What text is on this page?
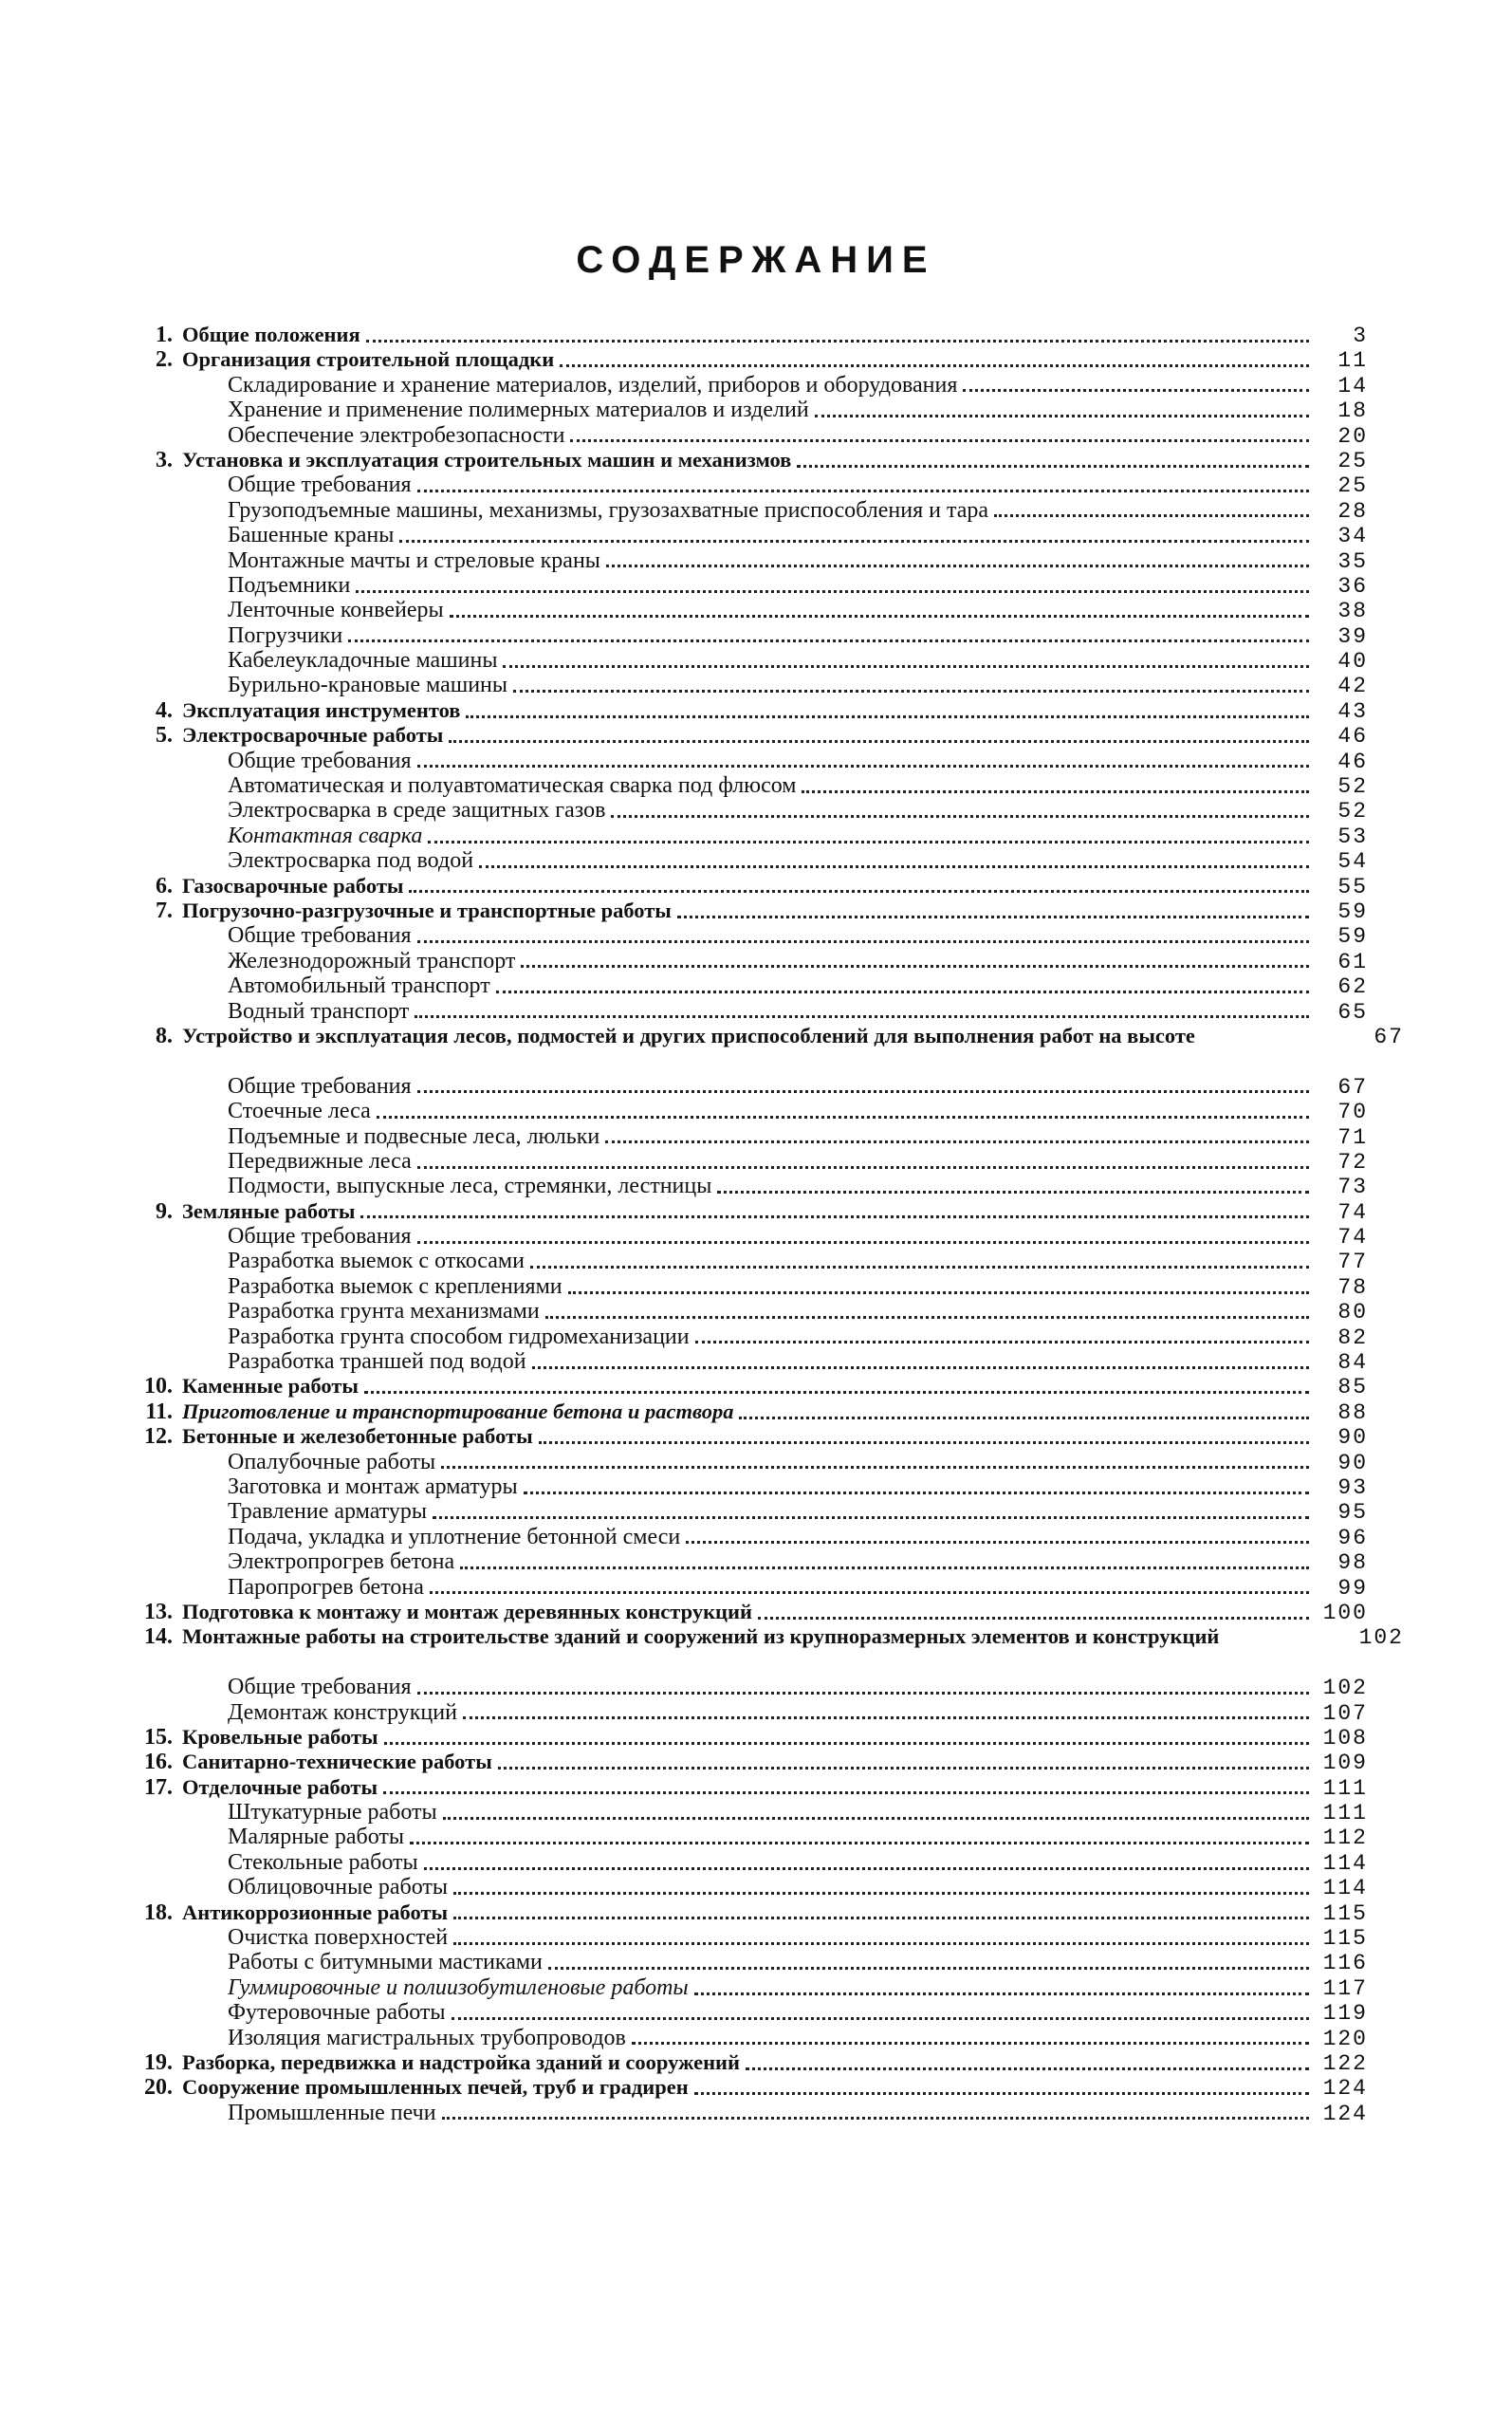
СОДЕРЖАНИЕ
1. Общие положения	3
2. Организация строительной площадки	11
Складирование и хранение материалов, изделий, приборов и оборудования	14
Хранение и применение полимерных материалов и изделий	18
Обеспечение электробезопасности	20
3. Установка и эксплуатация строительных машин и механизмов	25
Общие требования	25
Грузоподъемные машины, механизмы, грузозахватные приспособления и тара	28
Башенные краны	34
Монтажные мачты и стреловые краны	35
Подъемники	36
Ленточные конвейеры	38
Погрузчики	39
Кабелеукладочные машины	40
Бурильно-крановые машины	42
4. Эксплуатация инструментов	43
5. Электросварочные работы	46
Общие требования	46
Автоматическая и полуавтоматическая сварка под флюсом	52
Электросварка в среде защитных газов	52
Контактная сварка	53
Электросварка под водой	54
6. Газосварочные работы	55
7. Погрузочно-разгрузочные и транспортные работы	59
Общие требования	59
Железнодорожный транспорт	61
Автомобильный транспорт	62
Водный транспорт	65
8. Устройство и эксплуатация лесов, подмостей и других приспособлений для выполнения работ на высоте	67
Общие требования	67
Стоечные леса	70
Подъемные и подвесные леса, люльки	71
Передвижные леса	72
Подмости, выпускные леса, стремянки, лестницы	73
9. Земляные работы	74
Общие требования	74
Разработка выемок с откосами	77
Разработка выемок с креплениями	78
Разработка грунта механизмами	80
Разработка грунта способом гидромеханизации	82
Разработка траншей под водой	84
10. Каменные работы	85
11. Приготовление и транспортирование бетона и раствора	88
12. Бетонные и железобетонные работы	90
Опалубочные работы	90
Заготовка и монтаж арматуры	93
Травление арматуры	95
Подача, укладка и уплотнение бетонной смеси	96
Электропрогрев бетона	98
Паропрогрев бетона	99
13. Подготовка к монтажу и монтаж деревянных конструкций	100
14. Монтажные работы на строительстве зданий и сооружений из крупноразмерных элементов и конструкций	102
Общие требования	102
Демонтаж конструкций	107
15. Кровельные работы	108
16. Санитарно-технические работы	109
17. Отделочные работы	111
Штукатурные работы	111
Малярные работы	112
Стекольные работы	114
Облицовочные работы	114
18. Антикоррозионные работы	115
Очистка поверхностей	115
Работы с битумными мастиками	116
Гуммировочные и полиизобутиленовые работы	117
Футеровочные работы	119
Изоляция магистральных трубопроводов	120
19. Разборка, передвижка и надстройка зданий и сооружений	122
20. Сооружение промышленных печей, труб и градирен	124
Промышленные печи	124
